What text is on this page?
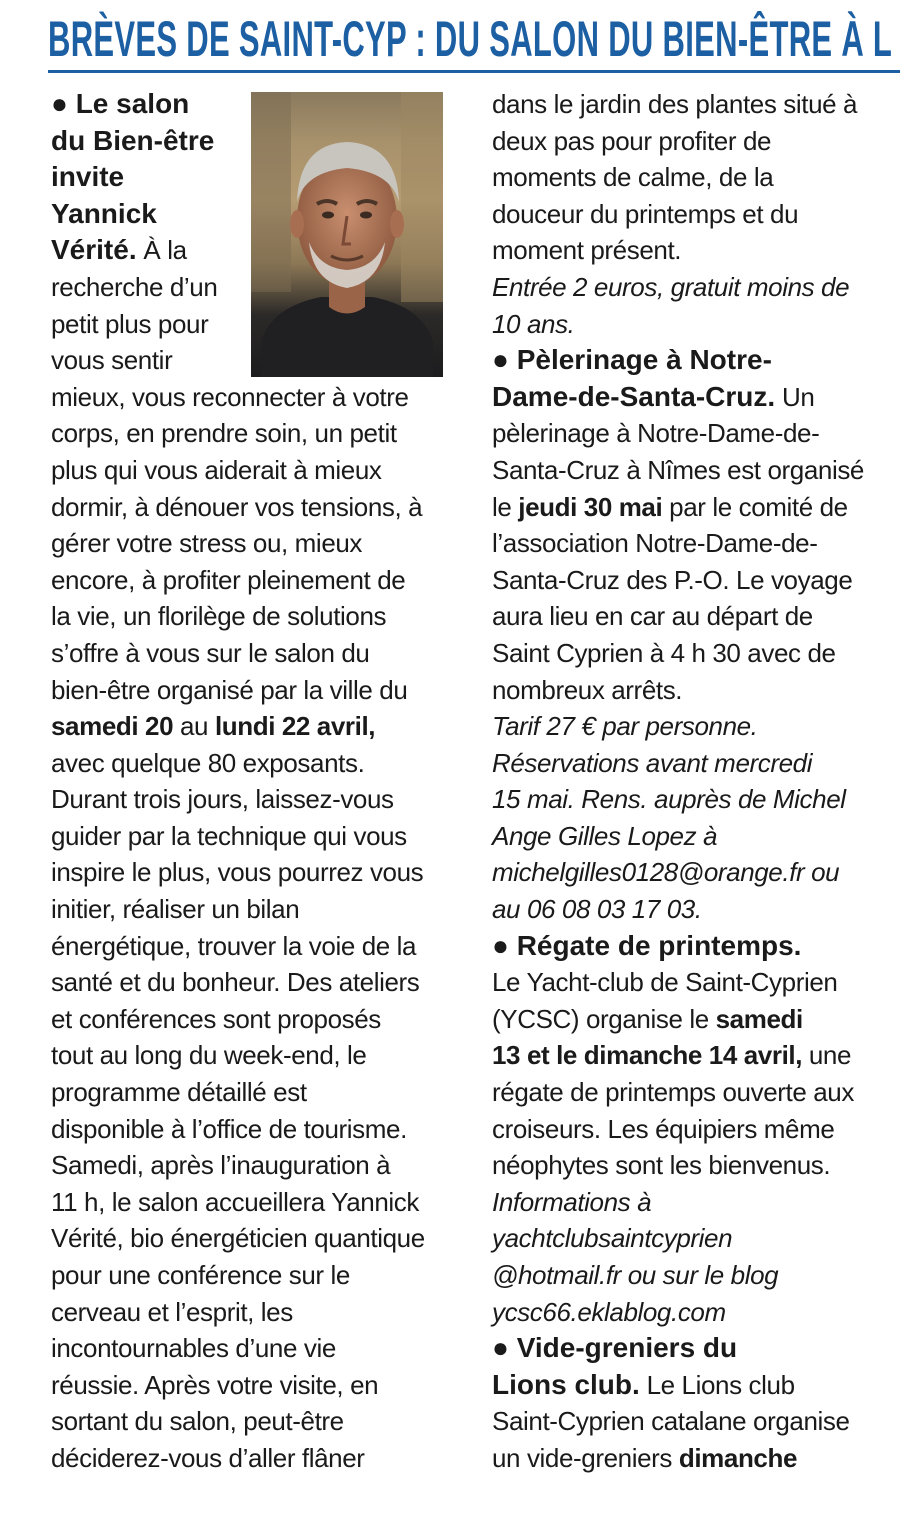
BRÈVES DE SAINT-CYP : DU SALON DU BIEN-ÊTRE À L
● Le salon
du Bien-être
invite
Yannick
Vérité. À la
recherche d’un
petit plus pour
vous sentir
mieux, vous reconnecter à votre
corps, en prendre soin, un petit
plus qui vous aiderait à mieux
dormir, à dénouer vos tensions, à
gérer votre stress ou, mieux
encore, à profiter pleinement de
la vie, un florilège de solutions
s’offre à vous sur le salon du
bien-être organisé par la ville du
samedi 20 au lundi 22 avril,
avec quelque 80 exposants.
Durant trois jours, laissez-vous
guider par la technique qui vous
inspire le plus, vous pourrez vous
initier, réaliser un bilan
énergétique, trouver la voie de la
santé et du bonheur. Des ateliers
et conférences sont proposés
tout au long du week-end, le
programme détaillé est
disponible à l’office de tourisme.
Samedi, après l’inauguration à
11 h, le salon accueillera Yannick
Vérité, bio énergéticien quantique
pour une conférence sur le
cerveau et l’esprit, les
incontournables d’une vie
réussie. Après votre visite, en
sortant du salon, peut-être
déciderez-vous d’aller flâner
dans le jardin des plantes situé à
deux pas pour profiter de
moments de calme, de la
douceur du printemps et du
moment présent.
Entrée 2 euros, gratuit moins de
10 ans.
● Pèlerinage à Notre-
Dame-de-Santa-Cruz. Un
pèlerinage à Notre-Dame-de-
Santa-Cruz à Nîmes est organisé
le jeudi 30 mai par le comité de
l’association Notre-Dame-de-
Santa-Cruz des P.-O. Le voyage
aura lieu en car au départ de
Saint Cyprien à 4 h 30 avec de
nombreux arrêts.
Tarif 27 € par personne.
Réservations avant mercredi
15 mai. Rens. auprès de Michel
Ange Gilles Lopez à
michelgilles0128@orange.fr ou
au 06 08 03 17 03.
● Régate de printemps.
Le Yacht-club de Saint-Cyprien
(YCSC) organise le samedi
13 et le dimanche 14 avril, une
régate de printemps ouverte aux
croiseurs. Les équipiers même
néophytes sont les bienvenus.
Informations à
yachtclubsaintcyprien
@hotmail.fr ou sur le blog
ycsc66.eklablog.com
● Vide-greniers du
Lions club. Le Lions club
Saint-Cyprien catalane organise
un vide-greniers dimanche
